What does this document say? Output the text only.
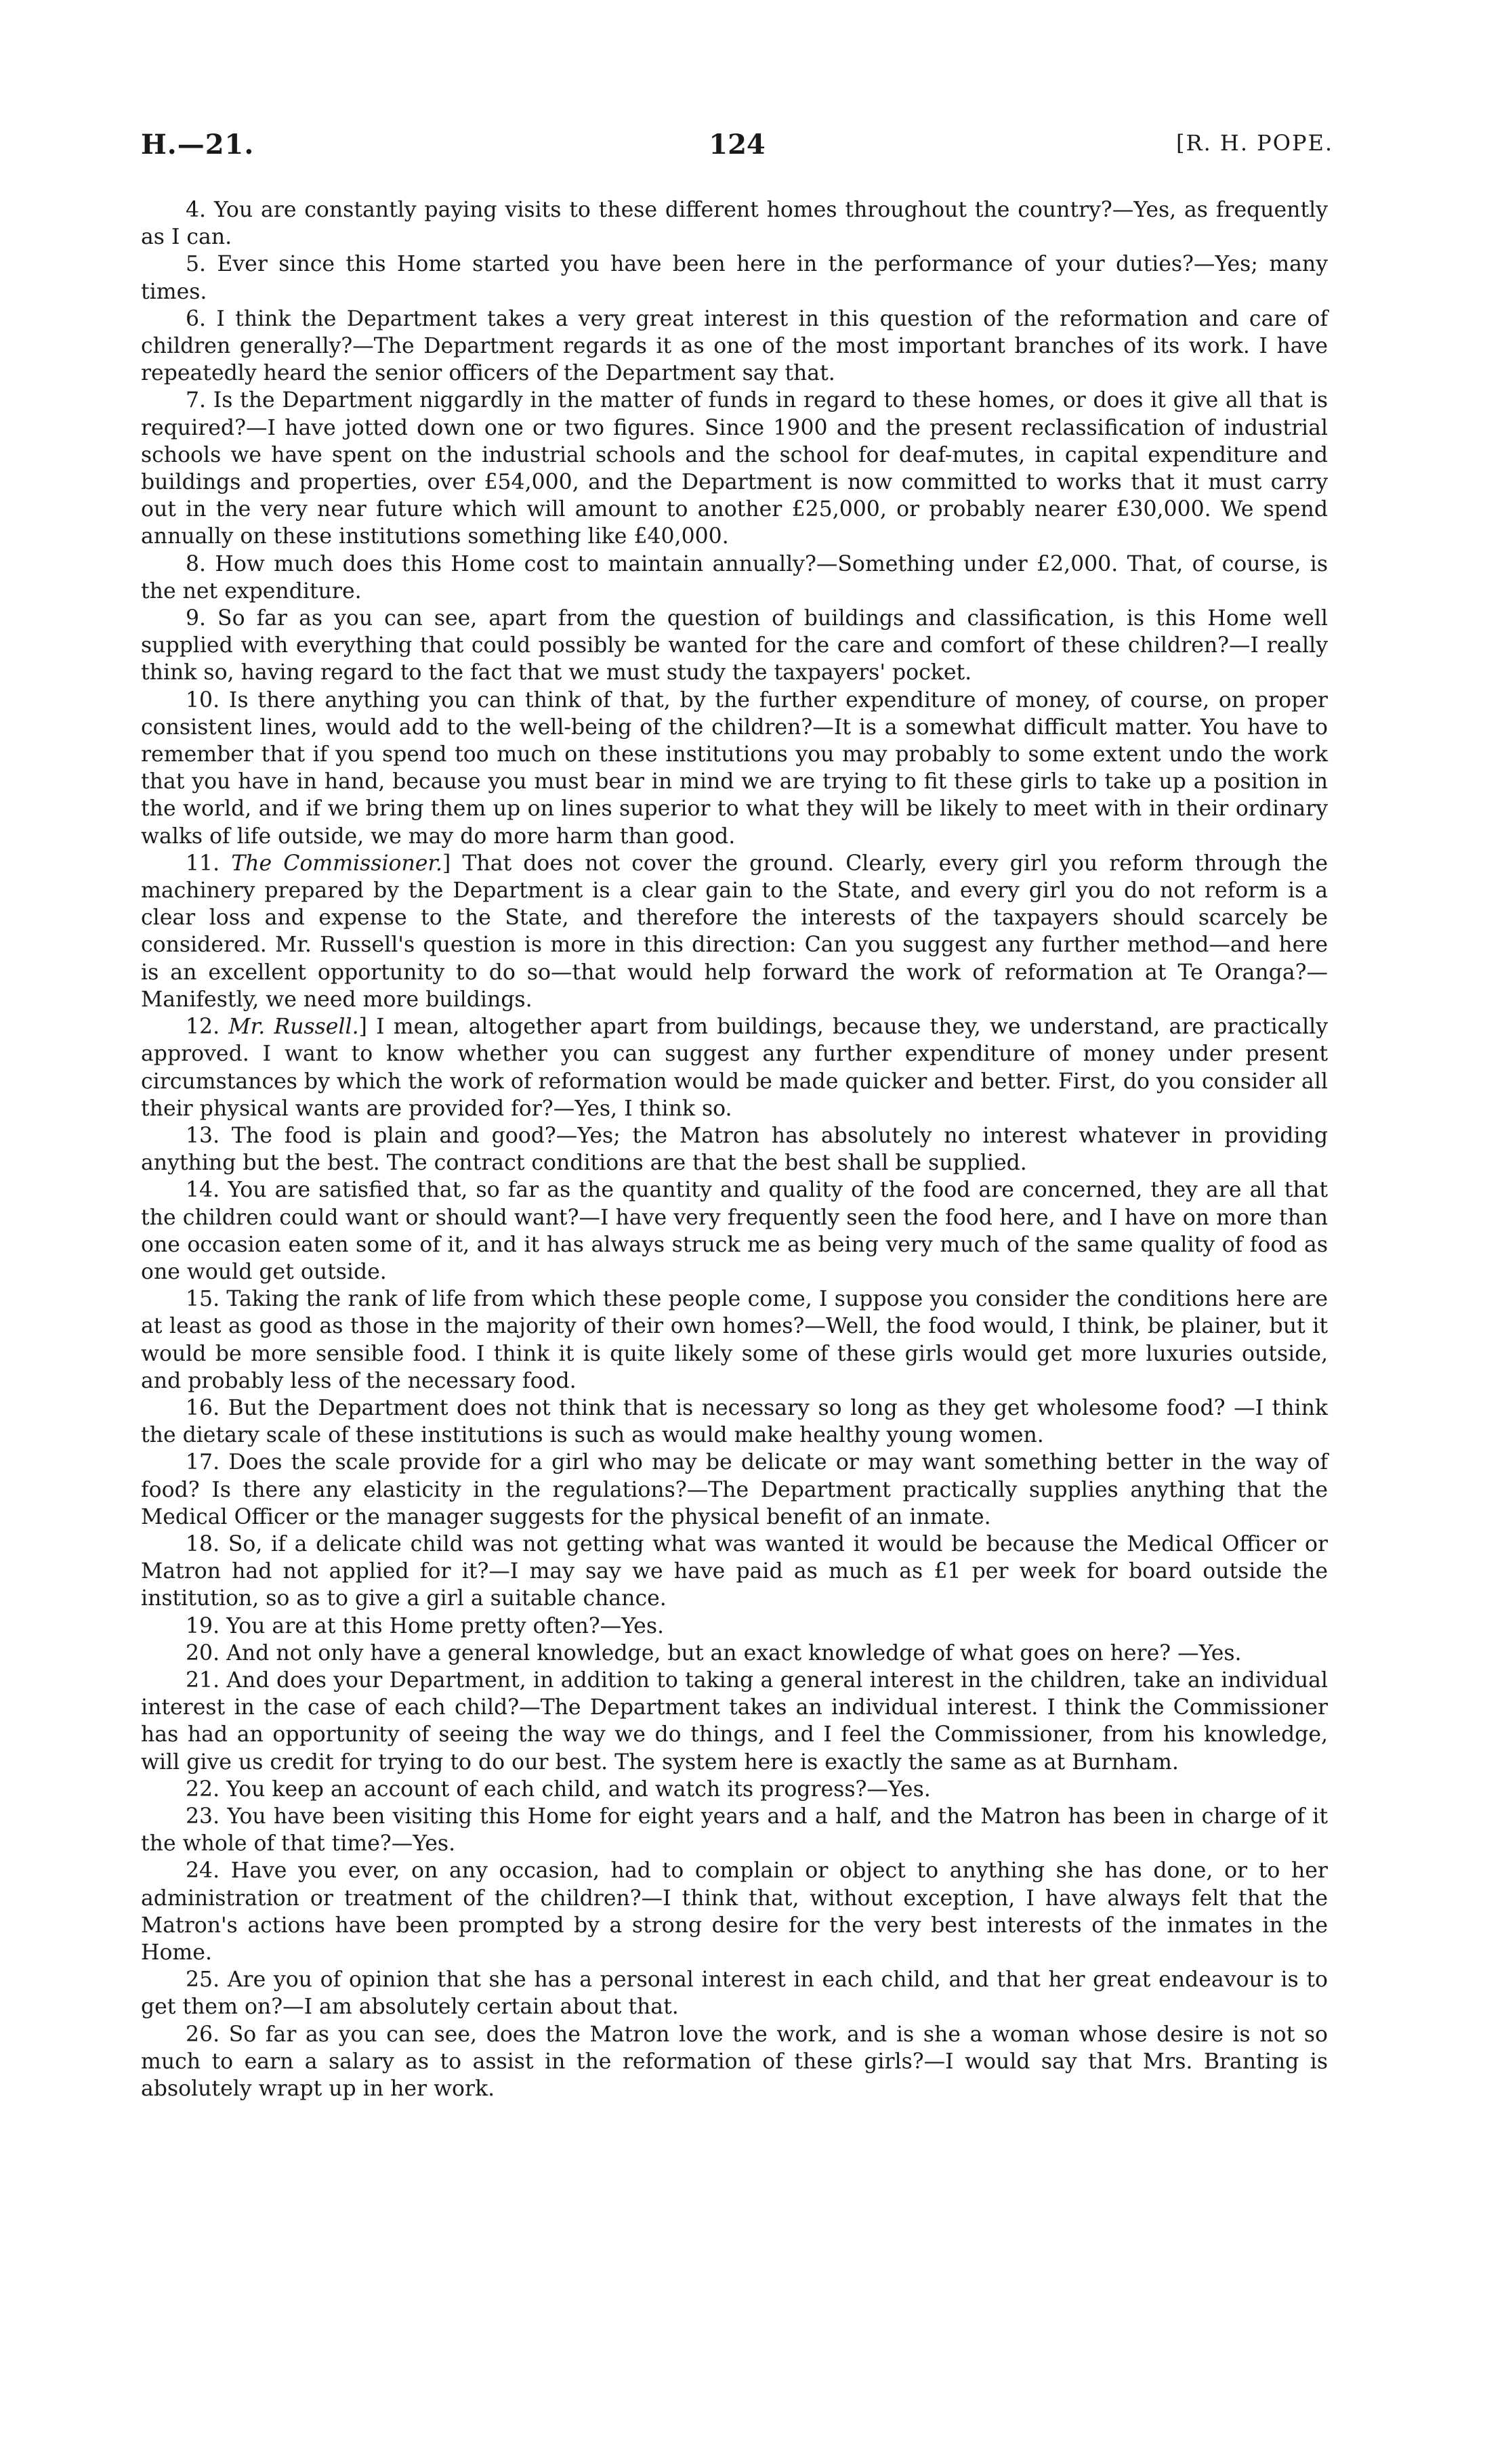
H.—21.	124	[R. H. POPE.

4. You are constantly paying visits to these different homes throughout the country?—Yes, as frequently as I can.

5. Ever since this Home started you have been here in the performance of your duties?—Yes; many times.

6. I think the Department takes a very great interest in this question of the reformation and care of children generally?—The Department regards it as one of the most important branches of its work. I have repeatedly heard the senior officers of the Department say that.

7. Is the Department niggardly in the matter of funds in regard to these homes, or does it give all that is required?—I have jotted down one or two figures. Since 1900 and the present reclassification of industrial schools we have spent on the industrial schools and the school for deaf-mutes, in capital expenditure and buildings and properties, over £54,000, and the Department is now committed to works that it must carry out in the very near future which will amount to another £25,000, or probably nearer £30,000. We spend annually on these institutions something like £40,000.

8. How much does this Home cost to maintain annually?—Something under £2,000. That, of course, is the net expenditure.

9. So far as you can see, apart from the question of buildings and classification, is this Home well supplied with everything that could possibly be wanted for the care and comfort of these children?—I really think so, having regard to the fact that we must study the taxpayers' pocket.

10. Is there anything you can think of that, by the further expenditure of money, of course, on proper consistent lines, would add to the well-being of the children?—It is a somewhat difficult matter. You have to remember that if you spend too much on these institutions you may probably to some extent undo the work that you have in hand, because you must bear in mind we are trying to fit these girls to take up a position in the world, and if we bring them up on lines superior to what they will be likely to meet with in their ordinary walks of life outside, we may do more harm than good.

11. The Commissioner.] That does not cover the ground. Clearly, every girl you reform through the machinery prepared by the Department is a clear gain to the State, and every girl you do not reform is a clear loss and expense to the State, and therefore the interests of the taxpayers should scarcely be considered. Mr. Russell's question is more in this direction: Can you suggest any further method—and here is an excellent opportunity to do so—that would help forward the work of reformation at Te Oranga?—Manifestly, we need more buildings.

12. Mr. Russell.] I mean, altogether apart from buildings, because they, we understand, are practically approved. I want to know whether you can suggest any further expenditure of money under present circumstances by which the work of reformation would be made quicker and better. First, do you consider all their physical wants are provided for?—Yes, I think so.

13. The food is plain and good?—Yes; the Matron has absolutely no interest whatever in providing anything but the best. The contract conditions are that the best shall be supplied.

14. You are satisfied that, so far as the quantity and quality of the food are concerned, they are all that the children could want or should want?—I have very frequently seen the food here, and I have on more than one occasion eaten some of it, and it has always struck me as being very much of the same quality of food as one would get outside.

15. Taking the rank of life from which these people come, I suppose you consider the conditions here are at least as good as those in the majority of their own homes?—Well, the food would, I think, be plainer, but it would be more sensible food. I think it is quite likely some of these girls would get more luxuries outside, and probably less of the necessary food.

16. But the Department does not think that is necessary so long as they get wholesome food? —I think the dietary scale of these institutions is such as would make healthy young women.

17. Does the scale provide for a girl who may be delicate or may want something better in the way of food? Is there any elasticity in the regulations?—The Department practically supplies anything that the Medical Officer or the manager suggests for the physical benefit of an inmate.

18. So, if a delicate child was not getting what was wanted it would be because the Medical Officer or Matron had not applied for it?—I may say we have paid as much as £1 per week for board outside the institution, so as to give a girl a suitable chance.

19. You are at this Home pretty often?—Yes.

20. And not only have a general knowledge, but an exact knowledge of what goes on here? —Yes.

21. And does your Department, in addition to taking a general interest in the children, take an individual interest in the case of each child?—The Department takes an individual interest. I think the Commissioner has had an opportunity of seeing the way we do things, and I feel the Commissioner, from his knowledge, will give us credit for trying to do our best. The system here is exactly the same as at Burnham.

22. You keep an account of each child, and watch its progress?—Yes.

23. You have been visiting this Home for eight years and a half, and the Matron has been in charge of it the whole of that time?—Yes.

24. Have you ever, on any occasion, had to complain or object to anything she has done, or to her administration or treatment of the children?—I think that, without exception, I have always felt that the Matron's actions have been prompted by a strong desire for the very best interests of the inmates in the Home.

25. Are you of opinion that she has a personal interest in each child, and that her great endeavour is to get them on?—I am absolutely certain about that.

26. So far as you can see, does the Matron love the work, and is she a woman whose desire is not so much to earn a salary as to assist in the reformation of these girls?—I would say that Mrs. Branting is absolutely wrapt up in her work.
